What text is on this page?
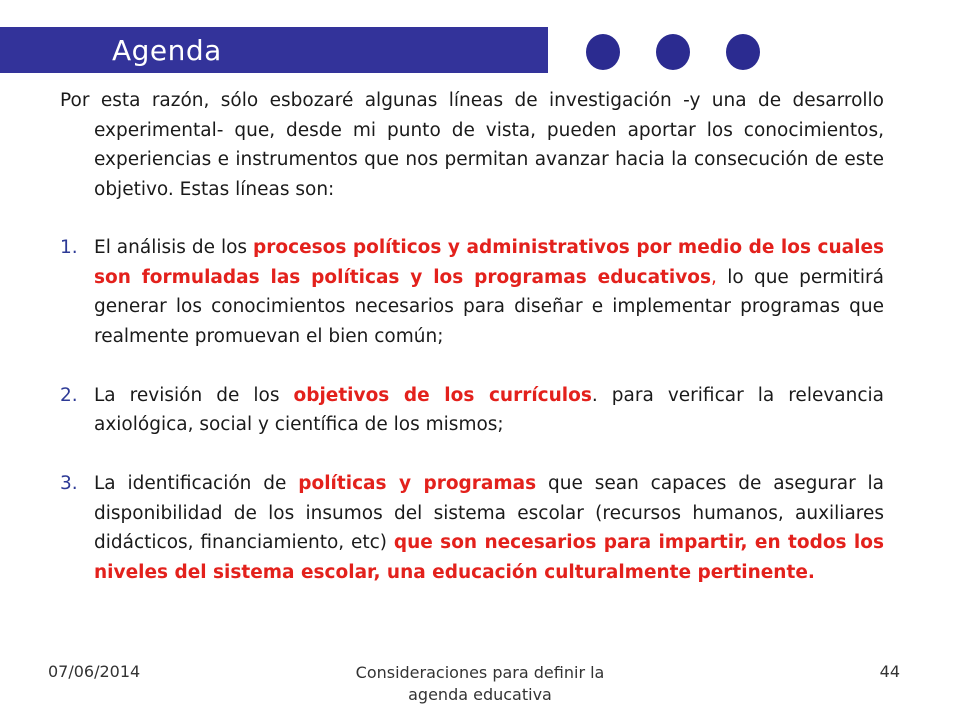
Agenda

Por esta razón, sólo esbozaré algunas líneas de investigación -y una de desarrollo experimental- que, desde mi punto de vista, pueden aportar los conocimientos, experiencias e instrumentos que nos permitan avanzar hacia la consecución de este objetivo. Estas líneas son:

1. El análisis de los procesos políticos y administrativos por medio de los cuales son formuladas las políticas y los programas educativos, lo que permitirá generar los conocimientos necesarios para diseñar e implementar programas que realmente promuevan el bien común;
2. La revisión de los objetivos de los currículos. para verificar la relevancia axiológica, social y científica de los mismos;
3. La identificación de políticas y programas que sean capaces de asegurar la disponibilidad de los insumos del sistema escolar (recursos humanos, auxiliares didácticos, financiamiento, etc) que son necesarios para impartir, en todos los niveles del sistema escolar, una educación culturalmente pertinente.
07/06/2014	Consideraciones para definir la agenda educativa
44
